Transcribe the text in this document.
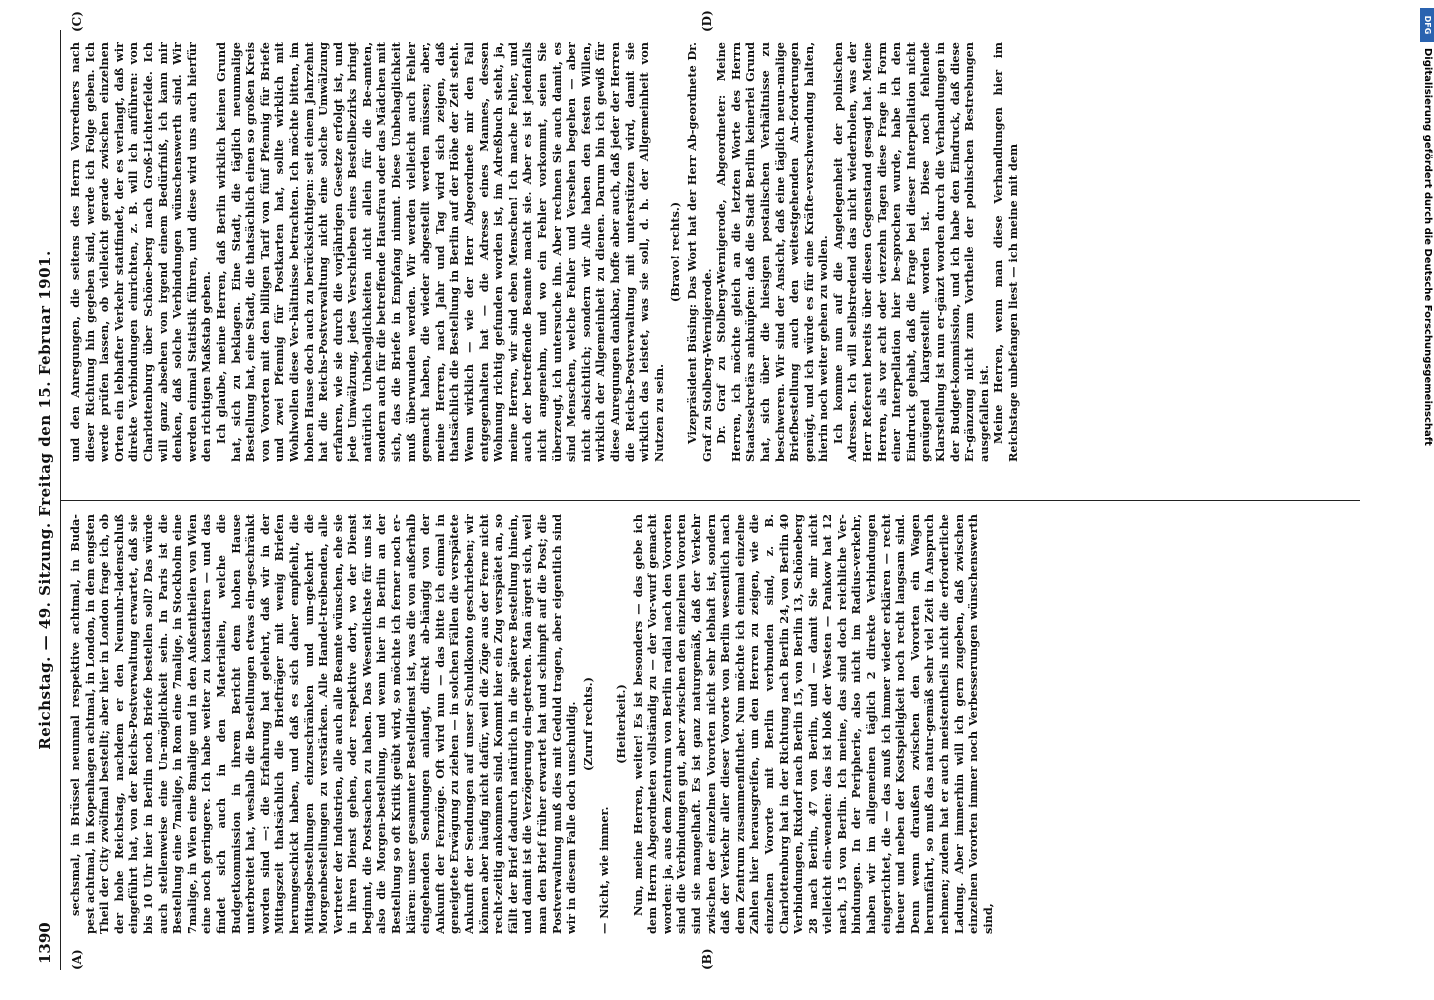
1390
Reichstag. — 49. Sitzung. Freitag den 15. Februar 1901.
(A)	(B)
(C)	(D)

sechsmal, in Brüssel neunmal respektive achtmal, in Buda-pest achtmal, in Kopenhagen achtmal, in London, in dem engsten Theil der City zwölfmal bestellt; aber hier in London frage ich, ob der hohe Reichstag, nachdem er den Neunuhr-ladenschluß eingeführt hat, von der Reichs-Postverwaltung erwartet, daß sie bis 10 Uhr hier in Berlin noch Briefe bestellen soll? Das würde auch stellenweise eine Un-möglichkeit sein. In Paris ist die Bestellung eine 7malige, in Rom eine 7malige, in Stockholm eine 7malige, in Wien eine 8malige und in den Außentheilen von Wien eine noch geringere. Ich habe weiter zu konstatiren — und das findet sich auch in den Materialien, welche die Budgetkommission in ihrem Bericht dem hohen Hause unterbreitet hat, weshalb die Bestellungen etwas ein-geschränkt worden sind —: die Erfahrung hat gelehrt, daß wir in der Mittagszeit thatsächlich die Briefträger mit wenig Briefen herumgeschickt haben, und daß es sich daher empfiehlt, die Mittagsbestellungen einzuschränken und um-gekehrt die Morgenbestellungen zu verstärken. Alle Handel-treibenden, alle Vertreter der Industrien, alle auch alle Beamte wünschen, ehe sie in ihren Dienst gehen, oder respektive dort, wo der Dienst beginnt, die Postsachen zu haben. Das Wesentlichste für uns ist also die Morgen-bestellung, und wenn hier in Berlin an der Bestellung so oft Kritik geübt wird, so möchte ich ferner noch er-klären: unser gesammter Bestelldienst ist, was die von außerhalb eingehenden Sendungen anlangt, direkt ab-hängig von der Ankunft der Fernzüge. Oft wird nun — das bitte ich einmal in geneigtete Erwägung zu ziehen — in solchen Fällen die verspätete Ankunft der Sendungen auf unser Schuldkonto geschrieben; wir können aber häufig nicht dafür, weil die Züge aus der Ferne nicht recht-zeitig ankommen sind. Kommt hier ein Zug verspätet an, so fällt der Brief dadurch natürlich in die spätere Bestellung hinein, und damit ist die Verzögerung ein-getreten. Man ärgert sich, weil man den Brief früher erwartet hat und schimpft auf die Post; die Postverwaltung muß dies mit Geduld tragen, aber eigentlich sind wir in diesem Falle doch unschuldig. (Zuruf rechts.)

— Nicht, wie immer.

(Heiterkeit.) Nun, meine Herren, weiter! Es ist besonders — das gebe ich dem Herrn Abgeordneten vollständig zu — der Vor-wurf gemacht worden: ja, aus dem Zentrum von Berlin radial nach den Vororten sind die Verbindungen gut, aber zwischen den einzelnen Vororten sind sie mangelhaft. Es ist ganz naturgemäß, daß der Verkehr zwischen der einzelnen Vororten nicht sehr lebhaft ist, sondern daß der Verkehr aller dieser Vororte von Berlin wesentlich nach dem Zentrum zusammenfluthet. Nun möchte ich einmal einzelne Zahlen hier herausgreifen, um den Herren zu zeigen, wie die einzelnen Vororte mit Berlin verbunden sind, z. B. Charlottenburg hat in der Richtung nach Berlin 24, von Berlin 40 Verbindungen, Rixdorf nach Berlin 15, von Berlin 13, Schöneberg 28 nach Berlin, 47 von Berlin, und — damit Sie mir nicht vielleicht ein-wenden: das ist bloß der Westen — Pankow hat 12 nach, 15 von Berlin. Ich meine, das sind doch reichliche Ver-bindungen. In der Peripherie, also nicht im Radius-verkehr, haben wir im allgemeinen täglich 2 direkte Verbindungen eingerichtet, die — das muß ich immer wieder erklären — recht theuer und neben der Kostspieligkeit noch recht langsam sind. Denn wenn draußen zwischen den Vororten ein Wagen herumfährt, so muß das natur-gemäß sehr viel Zeit in Anspruch nehmen; zudem hat er auch meistentheils nicht die erforderliche Ladung. Aber immerhin will ich gern zugeben, daß zwischen einzelnen Vororten immer noch Verbesserungen wünschenswerth sind,

und den Anregungen, die seitens des Herrn Vorredners nach dieser Richtung hin gegeben sind, werde ich Folge geben. Ich werde prüfen lassen, ob vielleicht gerade zwischen einzelnen Orten ein lebhafter Verkehr stattfindet, der es verlangt, daß wir direkte Verbindungen einrichten, z. B. will ich anführen: von Charlottenburg über Schöne-berg nach Groß-Lichterfelde. Ich will ganz absehen von irgend einem Bedürfniß, ich kann mir denken, daß solche Verbindungen wünschenswerth sind. Wir werden einmal Statistik führen, und diese wird uns auch hierfür den richtigen Maßstab geben. Ich glaube, meine Herren, daß Berlin wirklich keinen Grund hat, sich zu beklagen. Eine Stadt, die täglich neunmalige Bestellung hat, eine Stadt, die thatsächlich einen so großen Kreis von Vororten mit den billigen Tarif von fünf Pfennig für Briefe und zwei Pfennig für Postkarten hat, sollte wirklich mit Wohlwollen diese Ver-hältnisse betrachten. Ich möchte bitten, im hohen Hause doch auch zu berücksichtigen: seit einem Jahrzehnt hat die Reichs-Postverwaltung nicht eine solche Umwälzung erfahren, wie sie durch die vorjährigen Gesetze erfolgt ist, und jede Umwälzung, jedes Verschieben eines Bestellbezirks bringt natürlich Unbehaglichkeiten nicht allein für die Be-amten, sondern auch für die betreffende Hausfrau oder das Mädchen mit sich, das die Briefe in Empfang nimmt. Diese Unbehaglichkeit muß überwunden werden. Wir werden vielleicht auch Fehler gemacht haben, die wieder abgestellt werden müssen; aber, meine Herren, nach Jahr und Tag wird sich zeigen, daß thatsächlich die Bestellung in Berlin auf der Höhe der Zeit steht. Wenn wirklich — wie der Herr Abgeordnete mir den Fall entgegenhalten hat — die Adresse eines Mannes, dessen Wohnung richtig gefunden worden ist, im Adreßbuch steht, ja, meine Herren, wir sind eben Menschen! Ich mache Fehler, und auch der betreffende Beamte macht sie. Aber es ist jedenfalls nicht angenehm, und wo ein Fehler vorkommt, seien Sie überzeugt, ich untersuche ihn. Aber rechnen Sie auch damit, es sind Menschen, welche Fehler und Versehen begehen — aber nicht absichtlich; sondern wir Alle haben den festen Willen, wirklich der Allgemeinheit zu dienen. Darum bin ich gewiß für diese Anregungen dankbar, hoffe aber auch, daß jeder der Herren die Reichs-Postverwaltung mit unterstützen wird, damit sie wirklich das leistet, was sie soll, d. h. der Allgemeinheit von Nutzen zu sein.

(Bravo! rechts.) Vizepräsident Büsing: Das Wort hat der Herr Ab-geordnete Dr. Graf zu Stolberg-Wernigerode. Dr. Graf zu Stolberg-Wernigerode, Abgeordneter: Meine Herren, ich möchte gleich an die letzten Worte des Herrn Staatssekretärs anknüpfen: daß die Stadt Berlin keinerlei Grund hat, sich über die hiesigen postalischen Verhältnisse zu beschweren. Wir sind der Ansicht, daß eine täglich neun-malige Briefbestellung auch den weitestgehenden An-forderungen genügt, und ich würde es für eine Kräfte-verschwendung halten, hierin noch weiter gehen zu wollen. Ich komme nun auf die Angelegenheit der polnischen Adressen. Ich will selbstredend das nicht wiederholen, was der Herr Referent bereits über diesen Gegenstand gesagt hat. Meine Herren, als vor acht oder vierzehn Tagen diese Frage in Form einer Interpellation hier be-sprochen wurde, habe ich den Eindruck gehabt, daß die Frage bei dieser Interpellation nicht genügend klargestellt worden ist. Diese noch fehlende Klarstellung ist nun er-gänzt worden durch die Verhandlungen in der Budget-kommission, und ich habe den Eindruck, daß diese Er-gänzung nicht zum Vortheile der polnischen Bestrebungen ausgefallen ist. Meine Herren, wenn man diese Verhandlungen hier im Reichstage unbefangen liest — ich meine mit dem

DFG
Digitalisierung gefördert durch die Deutsche Forschungsgemeinschaft
